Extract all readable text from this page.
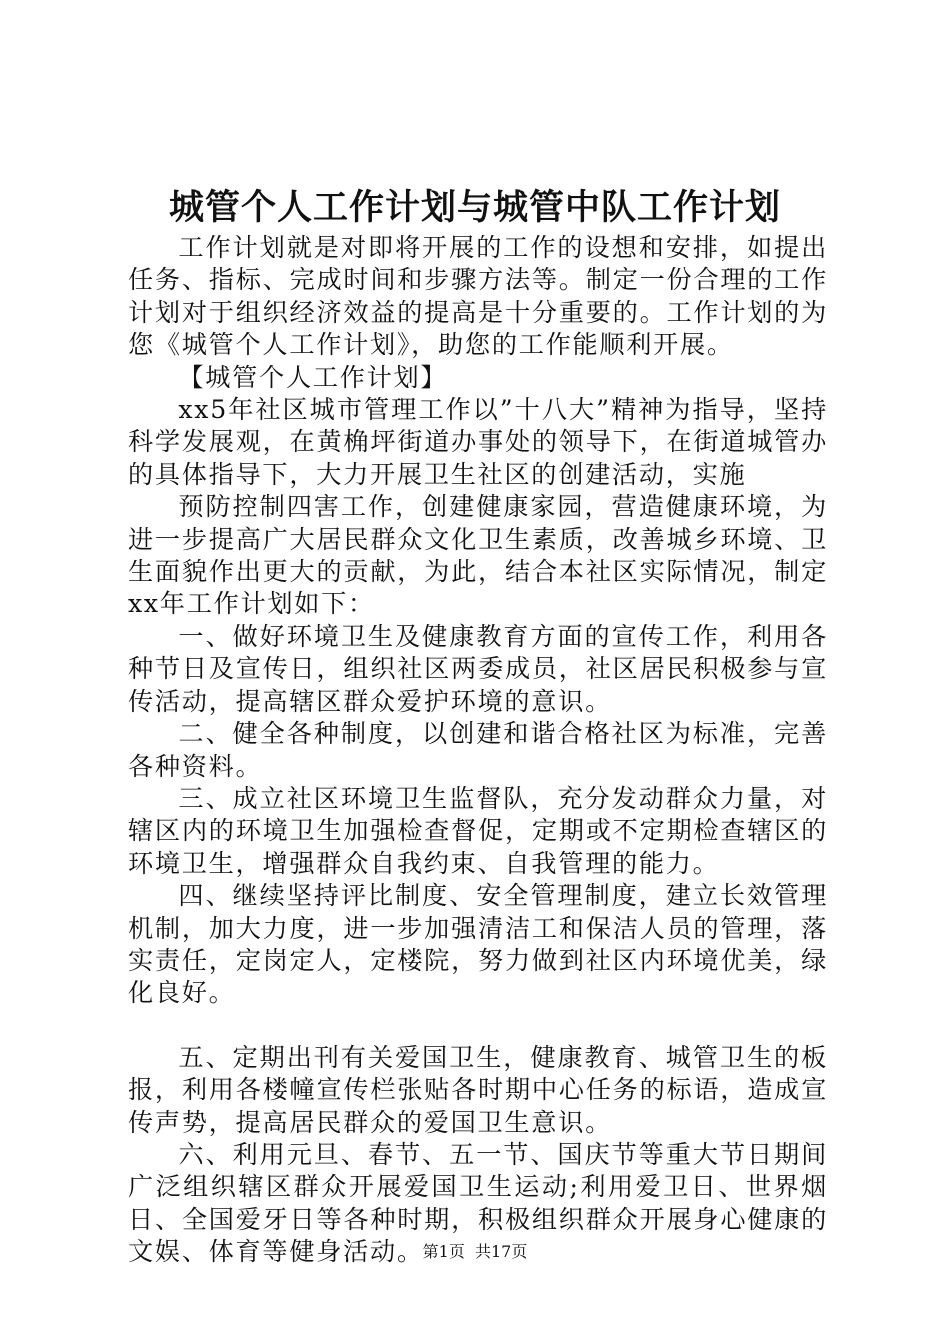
城管个人工作计划与城管中队工作计划

工作计划就是对即将开展的工作的设想和安排，如提出任务、指标、完成时间和步骤方法等。制定一份合理的工作计划对于组织经济效益的提高是十分重要的。工作计划的为您《城管个人工作计划》，助您的工作能顺利开展。

【城管个人工作计划】

xx5年社区城市管理工作以”十八大”精神为指导，坚持科学发展观，在黄桷坪街道办事处的领导下，在街道城管办的具体指导下，大力开展卫生社区的创建活动，实施

预防控制四害工作，创建健康家园，营造健康环境，为进一步提高广大居民群众文化卫生素质，改善城乡环境、卫生面貌作出更大的贡献，为此，结合本社区实际情况，制定xx年工作计划如下：

一、做好环境卫生及健康教育方面的宣传工作，利用各种节日及宣传日，组织社区两委成员，社区居民积极参与宣传活动，提高辖区群众爱护环境的意识。

二、健全各种制度，以创建和谐合格社区为标准，完善各种资料。

三、成立社区环境卫生监督队，充分发动群众力量，对辖区内的环境卫生加强检查督促，定期或不定期检查辖区的环境卫生，增强群众自我约束、自我管理的能力。

四、继续坚持评比制度、安全管理制度，建立长效管理机制，加大力度，进一步加强清洁工和保洁人员的管理，落实责任，定岗定人，定楼院，努力做到社区内环境优美，绿化良好。

五、定期出刊有关爱国卫生，健康教育、城管卫生的板报，利用各楼幢宣传栏张贴各时期中心任务的标语，造成宣传声势，提高居民群众的爱国卫生意识。

六、利用元旦、春节、五一节、国庆节等重大节日期间广泛组织辖区群众开展爱国卫生运动;利用爱卫日、世界烟日、全国爱牙日等各种时期，积极组织群众开展身心健康的文娱、体育等健身活动。

第1页  共17页
